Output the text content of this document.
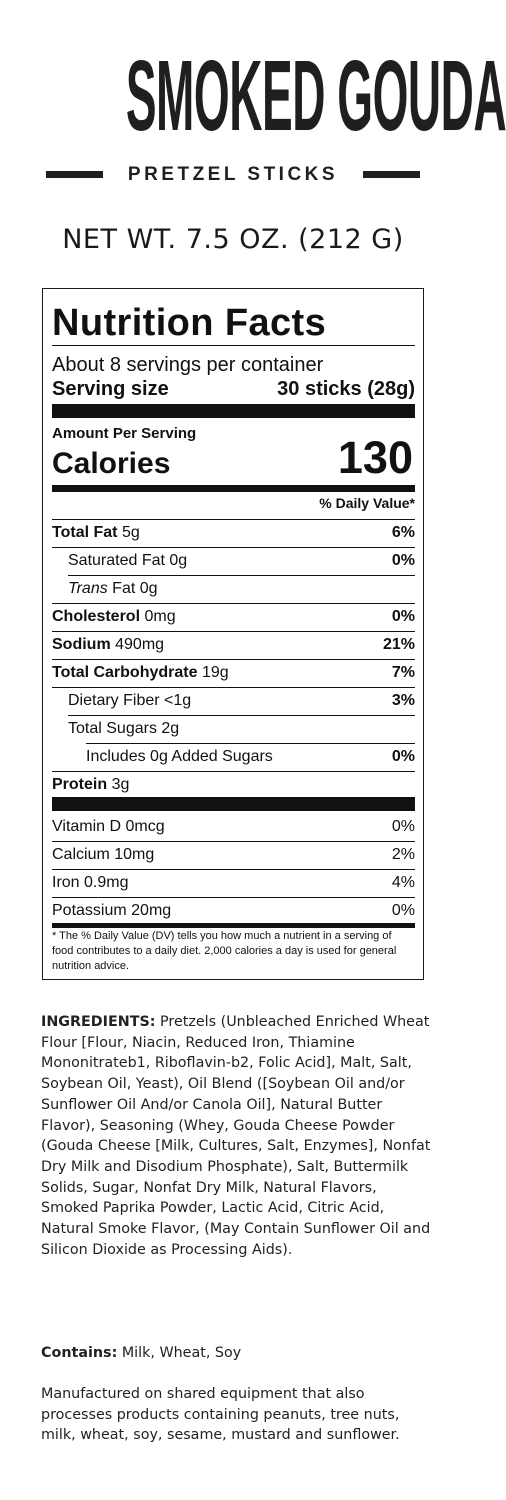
SMOKED GOUDA
PRETZEL STICKS
NET WT. 7.5 OZ. (212 G)
Nutrition Facts
About 8 servings per container
Serving size	30 sticks (28g)
Amount Per Serving
Calories	130
% Daily Value*
Total Fat 5g	6%
Saturated Fat 0g	0%
Trans Fat 0g
Cholesterol 0mg	0%
Sodium 490mg	21%
Total Carbohydrate 19g	7%
Dietary Fiber <1g	3%
Total Sugars 2g
Includes 0g Added Sugars	0%
Protein 3g
Vitamin D 0mcg	0%
Calcium 10mg	2%
Iron 0.9mg	4%
Potassium 20mg	0%
* The % Daily Value (DV) tells you how much a nutrient in a serving of food contributes to a daily diet. 2,000 calories a day is used for general nutrition advice.
INGREDIENTS: Pretzels (Unbleached Enriched Wheat Flour [Flour, Niacin, Reduced Iron, Thiamine Mononitrateb1, Riboflavin-b2, Folic Acid], Malt, Salt, Soybean Oil, Yeast), Oil Blend ([Soybean Oil and/or Sunflower Oil And/or Canola Oil], Natural Butter Flavor), Seasoning (Whey, Gouda Cheese Powder (Gouda Cheese [Milk, Cultures, Salt, Enzymes], Nonfat Dry Milk and Disodium Phosphate), Salt, Buttermilk Solids, Sugar, Nonfat Dry Milk, Natural Flavors, Smoked Paprika Powder, Lactic Acid, Citric Acid, Natural Smoke Flavor, (May Contain Sunflower Oil and Silicon Dioxide as Processing Aids).
Contains: Milk, Wheat, Soy
Manufactured on shared equipment that also processes products containing peanuts, tree nuts, milk, wheat, soy, sesame, mustard and sunflower.
